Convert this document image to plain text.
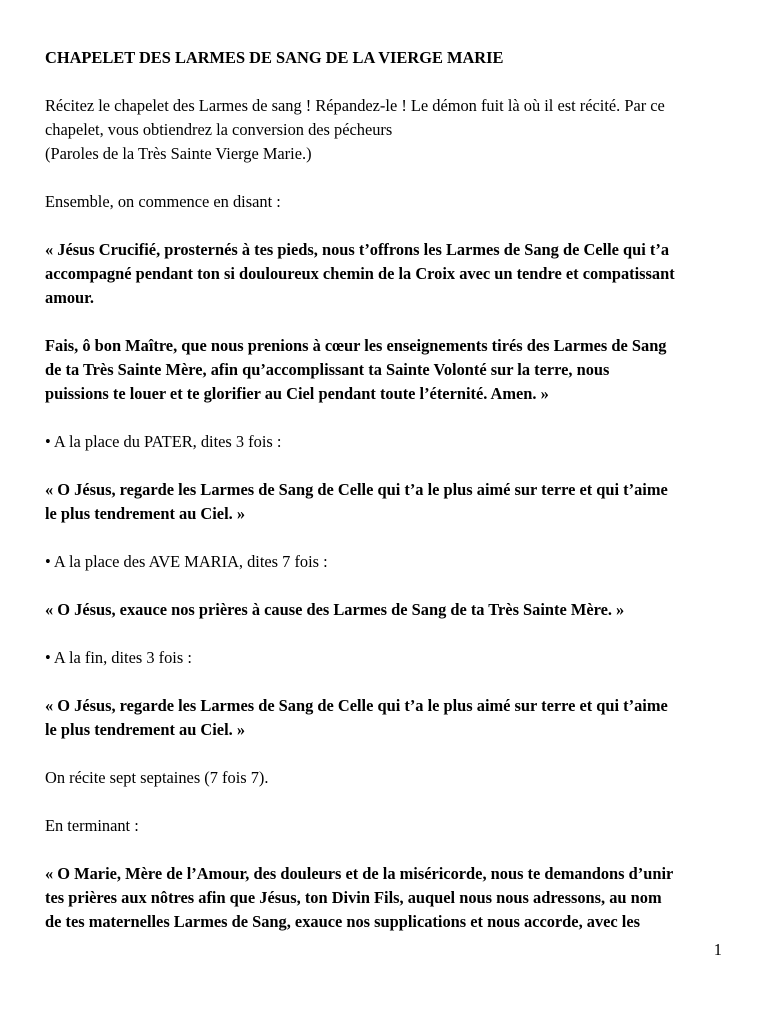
CHAPELET DES LARMES DE SANG DE LA VIERGE MARIE

Récitez le chapelet des Larmes de sang ! Répandez-le ! Le démon fuit là où il est récité. Par ce
chapelet, vous obtiendrez la conversion des pécheurs
(Paroles de la Très Sainte Vierge Marie.)

Ensemble, on commence en disant :

« Jésus Crucifié, prosternés à tes pieds, nous t’offrons les Larmes de Sang de Celle qui t’a
accompagné pendant ton si douloureux chemin de la Croix avec un tendre et compatissant
amour.

Fais, ô bon Maître, que nous prenions à cœur les enseignements tirés des Larmes de Sang
de ta Très Sainte Mère, afin qu’accomplissant ta Sainte Volonté sur la terre, nous
puissions te louer et te glorifier au Ciel pendant toute l’éternité. Amen. »

• A la place du PATER, dites 3 fois :

« O Jésus, regarde les Larmes de Sang de Celle qui t’a le plus aimé sur terre et qui t’aime
le plus tendrement au Ciel. »

• A la place des AVE MARIA, dites 7 fois :

« O Jésus, exauce nos prières à cause des Larmes de Sang de ta Très Sainte Mère. »

• A la fin, dites 3 fois :

« O Jésus, regarde les Larmes de Sang de Celle qui t’a le plus aimé sur terre et qui t’aime
le plus tendrement au Ciel. »

On récite sept septaines (7 fois 7).

En terminant :

« O Marie, Mère de l’Amour, des douleurs et de la miséricorde, nous te demandons d’unir
tes prières aux nôtres afin que Jésus, ton Divin Fils, auquel nous nous adressons, au nom
de tes maternelles Larmes de Sang, exauce nos supplications et nous accorde, avec les

1
